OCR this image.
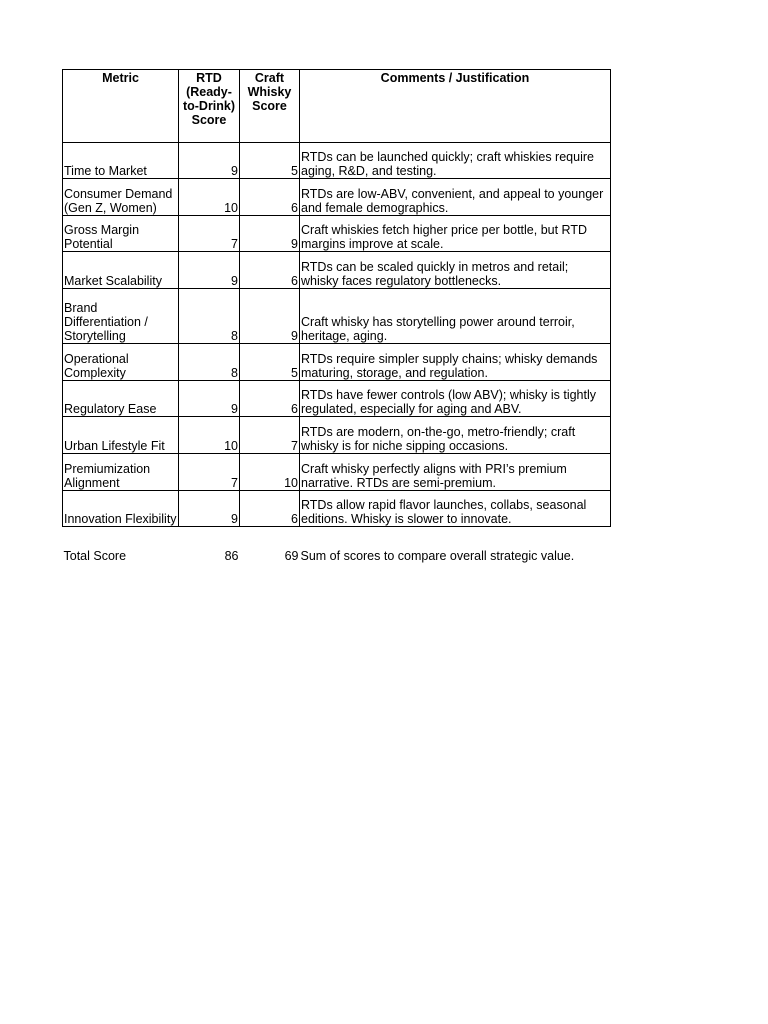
Metric	RTD (Ready-to-Drink) Score	Craft Whisky Score	Comments / Justification
Time to Market	9	5	RTDs can be launched quickly; craft whiskies require aging, R&D, and testing.
Consumer Demand (Gen Z, Women)	10	6	RTDs are low-ABV, convenient, and appeal to younger and female demographics.
Gross Margin Potential	7	9	Craft whiskies fetch higher price per bottle, but RTD margins improve at scale.
Market Scalability	9	6	RTDs can be scaled quickly in metros and retail; whisky faces regulatory bottlenecks.
Brand Differentiation / Storytelling	8	9	Craft whisky has storytelling power around terroir, heritage, aging.
Operational Complexity	8	5	RTDs require simpler supply chains; whisky demands maturing, storage, and regulation.
Regulatory Ease	9	6	RTDs have fewer controls (low ABV); whisky is tightly regulated, especially for aging and ABV.
Urban Lifestyle Fit	10	7	RTDs are modern, on-the-go, metro-friendly; craft whisky is for niche sipping occasions.
Premiumization Alignment	7	10	Craft whisky perfectly aligns with PRI’s premium narrative. RTDs are semi-premium.
Innovation Flexibility	9	6	RTDs allow rapid flavor launches, collabs, seasonal editions. Whisky is slower to innovate.

Total Score	86	69	Sum of scores to compare overall strategic value.
